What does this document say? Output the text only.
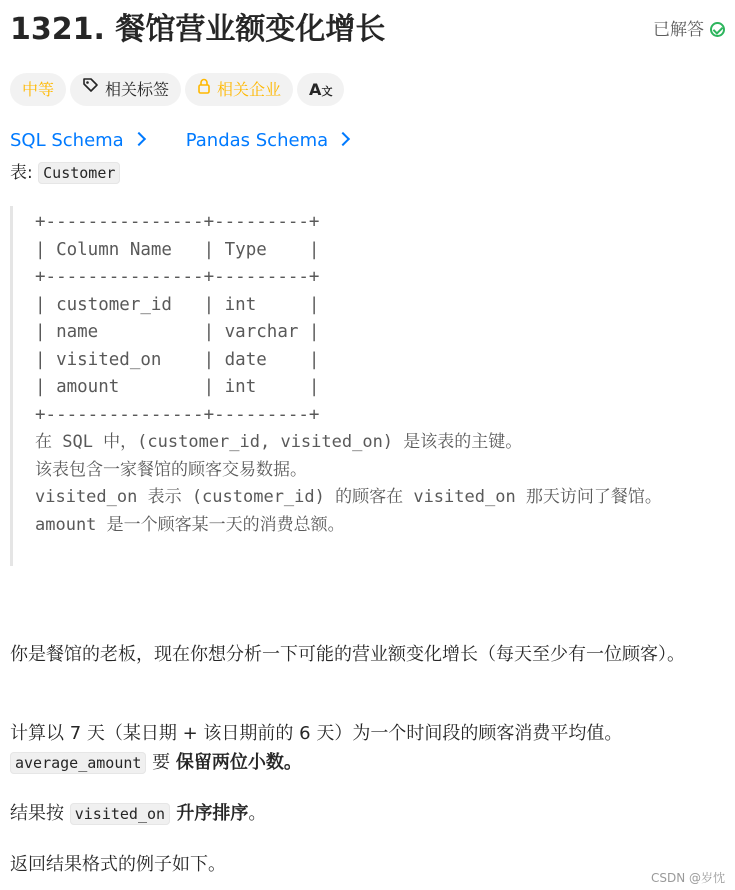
1321. 餐馆营业额变化增长	已解答
中等	相关标签	相关企业 A文
SQL Schema	Pandas Schema
表: Customer
+---------------+---------+
| Column Name   | Type    |
+---------------+---------+
| customer_id   | int     |
| name          | varchar |
| visited_on    | date    |
| amount        | int     |
+---------------+---------+
在 SQL 中，(customer_id, visited_on) 是该表的主键。
该表包含一家餐馆的顾客交易数据。
visited_on 表示 (customer_id) 的顾客在 visited_on 那天访问了餐馆。
amount 是一个顾客某一天的消费总额。
你是餐馆的老板，现在你想分析一下可能的营业额变化增长（每天至少有一位顾客）。
计算以 7 天（某日期 + 该日期前的 6 天）为一个时间段的顾客消费平均值。
average_amount 要 保留两位小数。
结果按 visited_on 升序排序。
返回结果格式的例子如下。
CSDN @岁忱
